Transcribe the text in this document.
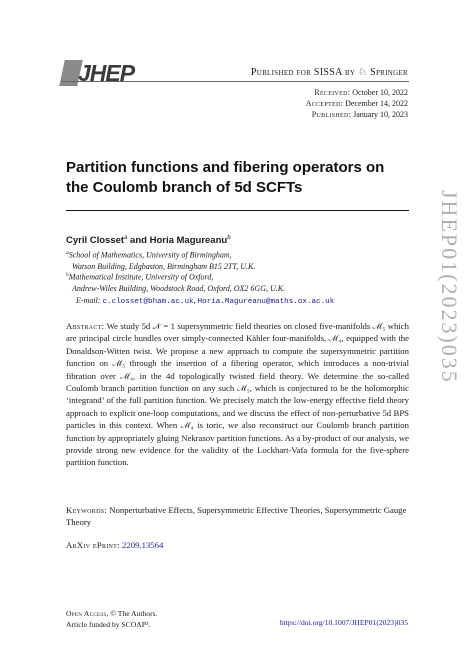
JHEP	Published for SISSA by ♘ Springer
Received: October 10, 2022
Accepted: December 14, 2022
Published: January 10, 2023
Partition functions and fibering operators on the Coulomb branch of 5d SCFTs
Cyril Closset$^a$ and Horia Magureanu$^b$
$^a$School of Mathematics, University of Birmingham,
Watson Building, Edgbaston, Birmingham B15 2TT, U.K.
$^b$Mathematical Institute, University of Oxford,
Andrew-Wiles Building, Woodstock Road, Oxford, OX2 6GG, U.K.
E-mail: c.closset@bham.ac.uk, Horia.Magureanu@maths.ox.ac.uk
Abstract: We study 5d 𝒩 = 1 supersymmetric field theories on closed five-manifolds ℳ₅ which are principal circle bundles over simply-connected Kähler four-manifolds, ℳ₄, equipped with the Donaldson-Witten twist. We propose a new approach to compute the supersymmetric partition function on ℳ₅ through the insertion of a fibering operator, which introduces a non-trivial fibration over ℳ₄, in the 4d topologically twisted field theory. We determine the so-called Coulomb branch partition function on any such ℳ₅, which is conjectured to be the holomorphic ‘integrand’ of the full partition function. We precisely match the low-energy effective field theory approach to explicit one-loop computations, and we discuss the effect of non-perturbative 5d BPS particles in this context. When ℳ₄ is toric, we also reconstruct our Coulomb branch partition function by appropriately gluing Nekrasov partition functions. As a by-product of our analysis, we provide strong new evidence for the validity of the Lockhart-Vafa formula for the five-sphere partition function.
Keywords: Nonperturbative Effects, Supersymmetric Effective Theories, Supersymmetric Gauge Theory
ArXiv ePrint: 2209.13564
Open Access, © The Authors.
Article funded by SCOAP³.	https://doi.org/10.1007/JHEP01(2023)035
JHEP01(2023)035
